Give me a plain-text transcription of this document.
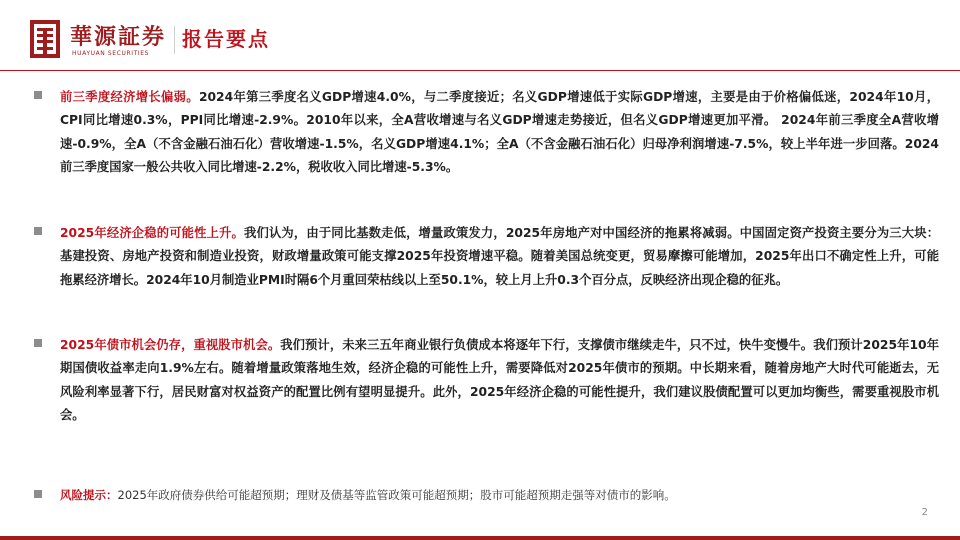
華源証券
HUAYUAN SECURITIES
报告要点
前三季度经济增长偏弱。2024年第三季度名义GDP增速4.0%，与二季度接近；名义GDP增速低于实际GDP增速，主要是由于价格偏低迷，2024年10月，CPI同比增速0.3%，PPI同比增速-2.9%。2010年以来，全A营收增速与名义GDP增速走势接近，但名义GDP增速更加平滑。 2024年前三季度全A营收增速-0.9%，全A（不含金融石油石化）营收增速-1.5%，名义GDP增速4.1%；全A（不含金融石油石化）归母净利润增速-7.5%，较上半年进一步回落。2024前三季度国家一般公共收入同比增速-2.2%，税收收入同比增速-5.3%。
2025年经济企稳的可能性上升。我们认为，由于同比基数走低，增量政策发力，2025年房地产对中国经济的拖累将减弱。中国固定资产投资主要分为三大块：基建投资、房地产投资和制造业投资，财政增量政策可能支撑2025年投资增速平稳。随着美国总统变更，贸易摩擦可能增加，2025年出口不确定性上升，可能拖累经济增长。2024年10月制造业PMI时隔6个月重回荣枯线以上至50.1%，较上月上升0.3个百分点，反映经济出现企稳的征兆。
2025年债市机会仍存，重视股市机会。我们预计，未来三五年商业银行负债成本将逐年下行，支撑债市继续走牛，只不过，快牛变慢牛。我们预计2025年10年期国债收益率走向1.9%左右。随着增量政策落地生效，经济企稳的可能性上升，需要降低对2025年债市的预期。中长期来看，随着房地产大时代可能逝去，无风险利率显著下行，居民财富对权益资产的配置比例有望明显提升。此外，2025年经济企稳的可能性提升，我们建议股债配置可以更加均衡些，需要重视股市机会。
风险提示：2025年政府债券供给可能超预期；理财及债基等监管政策可能超预期；股市可能超预期走强等对债市的影响。
2
